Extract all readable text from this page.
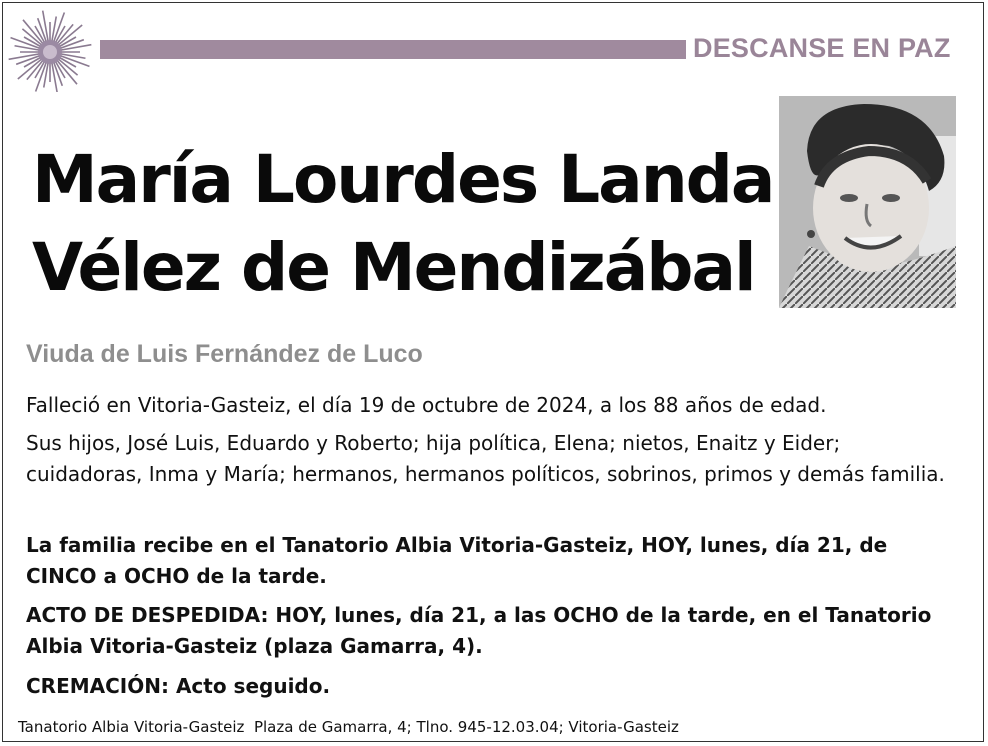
DESCANSE EN PAZ
María Lourdes Landa
Vélez de Mendizábal
Viuda de Luis Fernández de Luco

Falleció en Vitoria-Gasteiz, el día 19 de octubre de 2024, a los 88 años de edad.

Sus hijos, José Luis, Eduardo y Roberto; hija política, Elena; nietos, Enaitz y Eider; cuidadoras, Inma y María; hermanos, hermanos políticos, sobrinos, primos y demás familia.

La familia recibe en el Tanatorio Albia Vitoria-Gasteiz, HOY, lunes, día 21, de CINCO a OCHO de la tarde.

ACTO DE DESPEDIDA: HOY, lunes, día 21, a las OCHO de la tarde, en el Tanatorio Albia Vitoria-Gasteiz (plaza Gamarra, 4).

CREMACIÓN: Acto seguido.

Tanatorio Albia Vitoria-Gasteiz  Plaza de Gamarra, 4; Tlno. 945-12.03.04; Vitoria-Gasteiz
